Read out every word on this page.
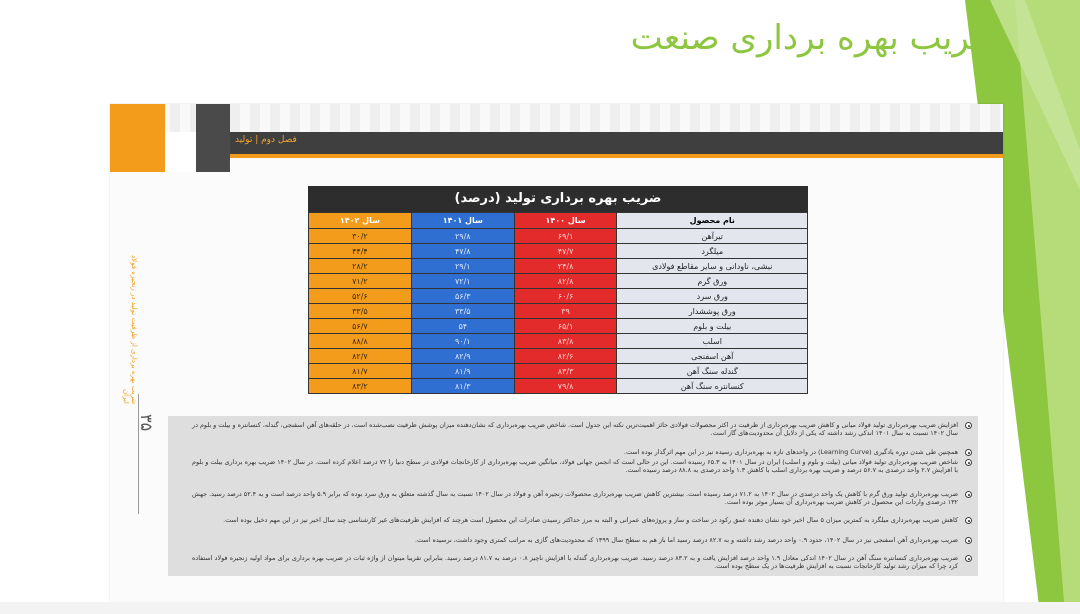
ضریب بهره برداری صنعت
فصل دوم | تولید
ضریب بهره برداری از ظرفیت تولید در زنجیره فولاد ایران
۳۵
ضریب بهره برداری تولید (درصد)
نام محصول	سال ۱۴۰۰	سال ۱۴۰۱	سال ۱۴۰۲
تیرآهن	۶۹/۱	۲۹/۸	۳۰/۲
میلگرد	۴۷/۷	۴۷/۸	۴۴/۴
نبشی، ناودانی و سایر مقاطع فولادی	۲۴/۸	۲۹/۱	۲۸/۲
ورق گرم	۸۲/۸	۷۲/۱	۷۱/۲
ورق سرد	۶۰/۶	۵۶/۳	۵۲/۶
ورق پوششدار	۳۹	۳۳/۵	۳۳/۵
بیلت و بلوم	۶۵/۱	۵۴	۵۶/۷
اسلب	۸۳/۸	۹۰/۱	۸۸/۸
آهن اسفنجی	۸۲/۶	۸۲/۹	۸۲/۷
گندله سنگ آهن	۸۳/۳	۸۱/۹	۸۱/۷
کنسانتره سنگ آهن	۷۹/۸	۸۱/۳	۸۳/۲
افزایش ضریب بهره‌برداری تولید فولاد میانی و کاهش ضریب بهره‌برداری از ظرفیت در اکثر محصولات فولادی حائز اهمیت‌ترین نکته این جدول است. شاخص ضریب بهره‌برداری که نشان‌دهنده میزان پوشش ظرفیت نصب‌شده است، در حلقه‌های آهن اسفنجی، گندله، کنسانتره و بیلت و بلوم در سال ۱۴۰۲ نسبت به سال ۱۴۰۱ اندکی رشد داشته که یکی از دلایل آن محدودیت‌های گاز است.
همچنین طی شدن دوره یادگیری (Learning Curve) در واحدهای تازه به بهره‌برداری رسیده نیز در این مهم اثرگذار بوده است.
شاخص ضریب بهره‌برداری تولید فولاد میانی (بیلت و بلوم و اسلب) ایران در سال ۱۴۰۱ به ۶۵.۳ رسیده است. این در حالی است که انجمن جهانی فولاد، میانگین ضریب بهره‌برداری از کارخانجات فولادی در سطح دنیا را ۷۲ درصد اعلام کرده است. در سال ۱۴۰۲ ضریب بهره برداری بیلت و بلوم با افزایش ۲.۷ واحد درصدی به ۵۶.۷ درصد و ضریب بهره برداری اسلب با کاهش ۱.۳ واحد درصدی به ۸۸.۸ درصد رسیده است.
ضریب بهره‌برداری تولید ورق گرم با کاهش یک واحد درصدی در سال ۱۴۰۲ به ۷۱.۲ درصد رسیده است. بیشترین کاهش ضریب بهره‌برداری محصولات زنجیره آهن و فولاد در سال ۱۴۰۲ نسبت به سال گذشته متعلق به ورق سرد بوده که برابر ۵.۹ واحد درصد است و به ۵۲.۴ درصد رسید. جهش ۱۳۲ درصدی واردات این محصول در کاهش ضریب بهره‌برداری آن بسیار موثر بوده است.
کاهش ضریب بهره‌برداری میلگرد به کمترین میزان ۵ سال اخیر خود نشان دهنده عمق رکود در ساخت و ساز و پروژه‌های عمرانی و البته به مرز حداکثر رسیدن صادرات این محصول است هرچند که افزایش ظرفیت‌های غیر کارشناسی چند سال اخیر نیز در این مهم دخیل بوده است.
ضریب بهره‌برداری آهن اسفنجی نیز در سال ۱۴۰۲، حدود ۰.۹ واحد درصد رشد داشته و به ۸۲.۷ درصد رسید اما باز هم به سطح سال ۱۳۹۹ که محدودیت‌های گازی به مراتب کمتری وجود داشت، نرسیده است.
ضریب بهره‌برداری کنسانتره سنگ آهن در سال ۱۴۰۲ اندکی معادل ۱.۹ واحد درصد افزایش یافت و به ۸۳.۲ درصد رسید. ضریب بهره‌برداری گندله با افزایش ناچیز ۰.۸ درصد به ۸۱.۷ درصد رسید. بنابراین تقریبا میتوان از واژه ثبات در ضریب بهره برداری برای مواد اولیه زنجیره فولاد استفاده کرد چرا که میزان رشد تولید کارخانجات نسبت به افزایش ظرفیت‌ها در یک سطح بوده است.
